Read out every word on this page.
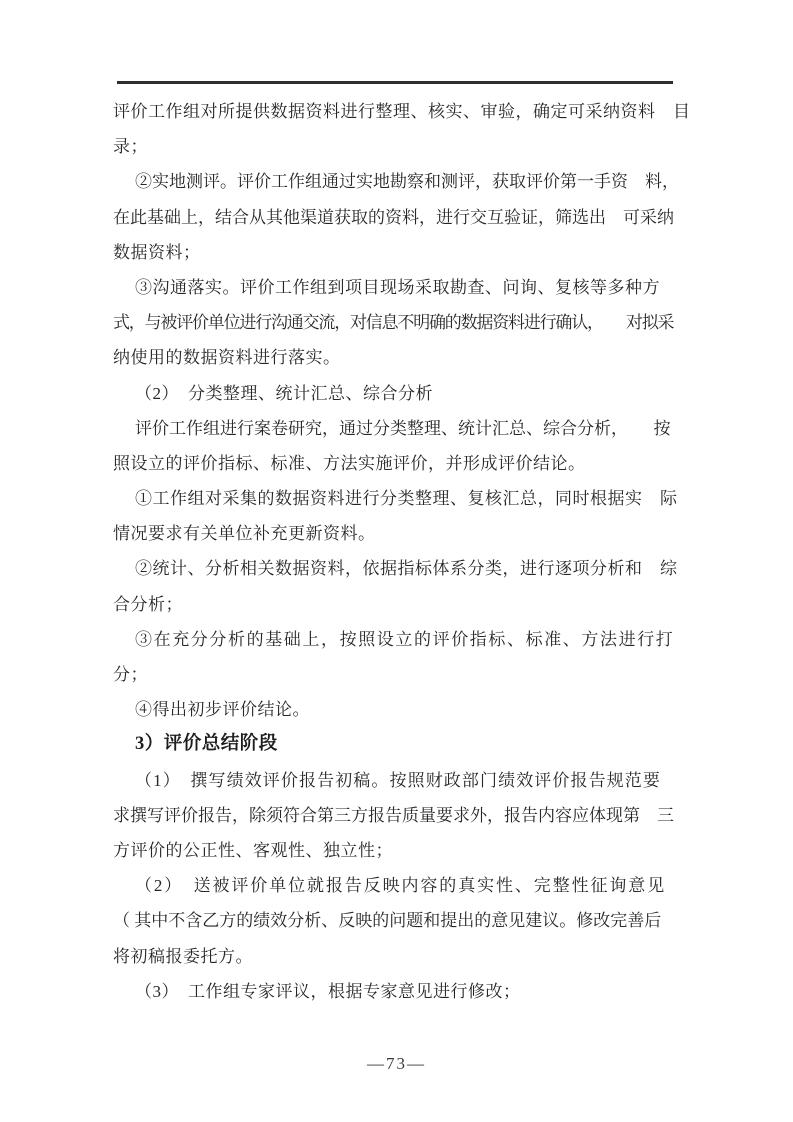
评价工作组对所提供数据资料进行整理、核实、审验，确定可采纳资料　目
录；
②实地测评。评价工作组通过实地勘察和测评，获取评价第一手资　料，
在此基础上，结合从其他渠道获取的资料，进行交互验证，筛选出　可采纳
数据资料；
③沟通落实。评价工作组到项目现场采取勘查、问询、复核等多种方
式，与被评价单位进行沟通交流，对信息不明确的数据资料进行确认，　　对拟采
纳使用的数据资料进行落实。
（2）　分类整理、统计汇总、综合分析
评价工作组进行案卷研究，通过分类整理、统计汇总、综合分析，　　按
照设立的评价指标、标准、方法实施评价，并形成评价结论。
①工作组对采集的数据资料进行分类整理、复核汇总，同时根据实　际
情况要求有关单位补充更新资料。
②统计、分析相关数据资料，依据指标体系分类，进行逐项分析和　综
合分析；
③在充分分析的基础上，按照设立的评价指标、标准、方法进行打
分；
④得出初步评价结论。
3）评价总结阶段
（1）　撰写绩效评价报告初稿。按照财政部门绩效评价报告规范要
求撰写评价报告，除须符合第三方报告质量要求外，报告内容应体现第　三
方评价的公正性、客观性、独立性；
（2）　送被评价单位就报告反映内容的真实性、完整性征询意见
（ 其中不含乙方的绩效分析、反映的问题和提出的意见建议。修改完善后
将初稿报委托方。
（3）　工作组专家评议，根据专家意见进行修改；
—73—
